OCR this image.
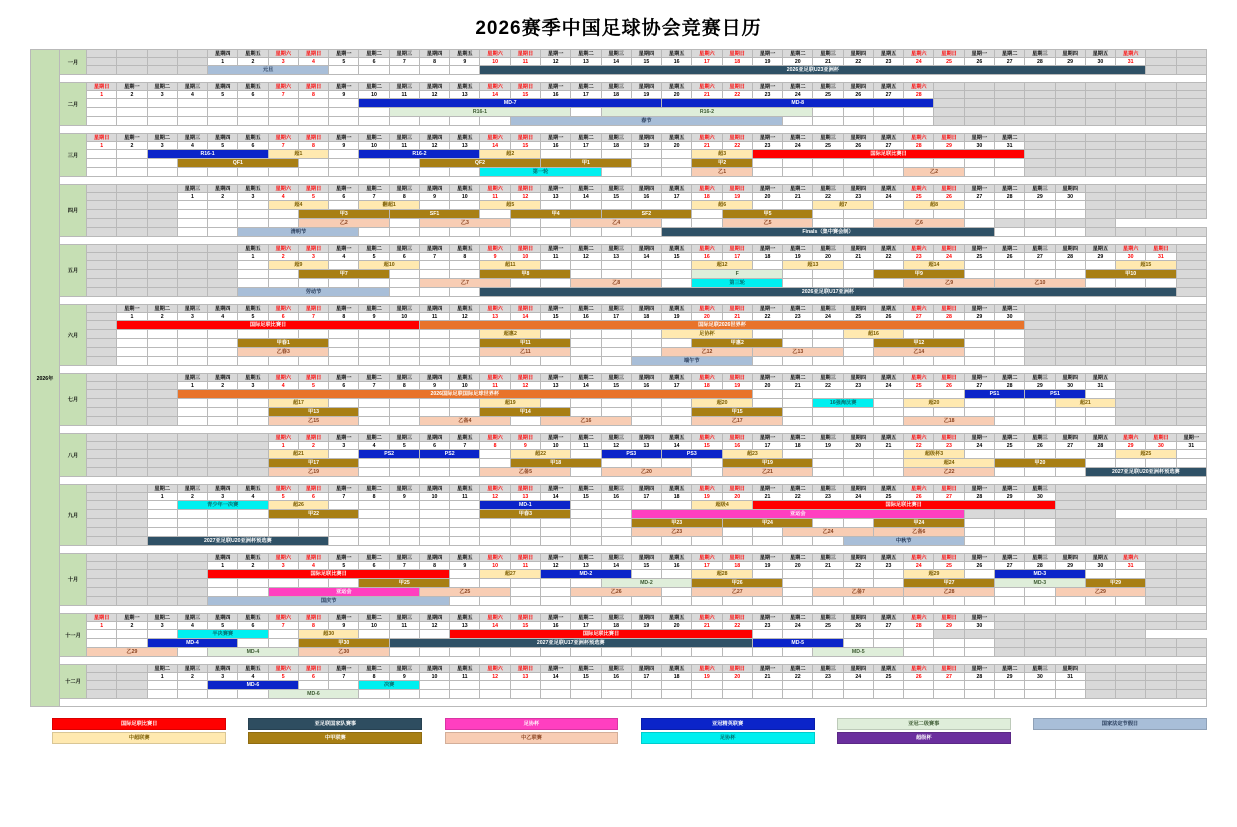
2026赛季中国足球协会竞赛日历
2026年	一月					星期四	星期五	星期六	星期日	星期一	星期二	星期三	星期四	星期五	星期六	星期日	星期一	星期二	星期三	星期四	星期五	星期六	星期日	星期一	星期二	星期三	星期四	星期五	星期六	星期日	星期一	星期二	星期三	星期四	星期五	星期六		
						1	2	3	4	5	6	7	8	9	10	11	12	13	14	15	16	17	18	19	20	21	22	23	24	25	26	27	28	29	30	31		
						元旦									2026亚足联U23亚洲杯																							

	二月	星期日	星期一	星期二	星期三	星期四	星期五	星期六	星期日	星期一	星期二	星期三	星期四	星期五	星期六	星期日	星期一	星期二	星期三	星期四	星期五	星期六	星期日	星期一	星期二	星期三	星期四	星期五	星期六									
		1	2	3	4	5	6	7	8	9	10	11	12	13	14	15	16	17	18	19	20	21	22	23	24	25	26	27	28									
											MD-7										MD-8																	
												R16-1							R16-2																			
																春节																						

	三月	星期日	星期一	星期二	星期三	星期四	星期五	星期六	星期日	星期一	星期二	星期三	星期四	星期五	星期六	星期日	星期一	星期二	星期三	星期四	星期五	星期六	星期日	星期一	星期二	星期三	星期四	星期五	星期六	星期日	星期一	星期二						
		1	2	3	4	5	6	7	8	9	10	11	12	13	14	15	16	17	18	19	20	21	22	23	24	25	26	27	28	29	30	31						
				R16-1				超1			R16-2				超2							超3		国际足联比赛日														
					QF1								QF2				甲1					甲2																
															第一轮							乙1							乙2									

	四月				星期三	星期四	星期五	星期六	星期日	星期一	星期二	星期三	星期四	星期五	星期六	星期日	星期一	星期二	星期三	星期四	星期五	星期六	星期日	星期一	星期二	星期三	星期四	星期五	星期六	星期日	星期一	星期二	星期三	星期四				
					1	2	3	4	5	6	7	8	9	10	11	12	13	14	15	16	17	18	19	20	21	22	23	24	25	26	27	28	29	30				
								超4			翻超1				超5							超6				超7			超8									
									甲3			SF1				甲4			SF2				甲5															
									乙2				乙3					乙4					乙5					乙6										
							清明节														Finals（集中赛会制）																	

	五月						星期五	星期六	星期日	星期一	星期二	星期三	星期四	星期五	星期六	星期日	星期一	星期二	星期三	星期四	星期五	星期六	星期日	星期一	星期二	星期三	星期四	星期五	星期六	星期日	星期一	星期二	星期三	星期四	星期五	星期六	星期日	
							1	2	3	4	5	6	7	8	9	10	11	12	13	14	15	16	17	18	19	20	21	22	23	24	25	26	27	28	29	30	31	
								超9			超10				超11							超12			超13				超14							超15		
									甲7						甲8							F						甲9							甲10			
													乙7					乙8				第三轮							乙9			乙10						
							劳动节								2026亚足联U17亚洲杯																							

	六月		星期一	星期二	星期三	星期四	星期五	星期六	星期日	星期一	星期二	星期三	星期四	星期五	星期六	星期日	星期一	星期二	星期三	星期四	星期五	星期六	星期日	星期一	星期二	星期三	星期四	星期五	星期六	星期日	星期一	星期二						
			1	2	3	4	5	6	7	8	9	10	11	12	13	14	15	16	17	18	19	20	21	22	23	24	25	26	27	28	29	30						
			国际足联比赛日										国际足联2026世界杯																									
															超惠2						足协杯						超16											
							甲春1								甲11							甲惠2						甲12										
							乙春3								乙11						乙12			乙13				乙14										
																				端午节																		

	七月				星期三	星期四	星期五	星期六	星期日	星期一	星期二	星期三	星期四	星期五	星期六	星期日	星期一	星期二	星期三	星期四	星期五	星期六	星期日	星期一	星期二	星期三	星期四	星期五	星期六	星期日	星期一	星期二	星期三	星期四	星期五			
					1	2	3	4	5	6	7	8	9	10	11	12	13	14	15	16	17	18	19	20	21	22	23	24	25	26	27	28	29	30	31			
					2026国际足联国际足球世界杯																										PS1		PS1					
								超17							超19							超20				16强淘汰赛			超20					超21				
								甲13							甲14							甲15																
								乙15					乙备4				乙16					乙17							乙18									

	八月							星期六	星期日	星期一	星期二	星期三	星期四	星期五	星期六	星期日	星期一	星期二	星期三	星期四	星期五	星期六	星期日	星期一	星期二	星期三	星期四	星期五	星期六	星期日	星期一	星期二	星期三	星期四	星期五	星期六	星期日	星期一
								1	2	3	4	5	6	7	8	9	10	11	12	13	14	15	16	17	18	19	20	21	22	23	24	25	26	27	28	29	30	31
								超21			PS2		PS2			超22			PS3		PS3		超23						超级杯3							超25		
								甲17								甲18							甲19						超24			甲20						
								乙19							乙备5				乙20				乙21						乙22						2027亚足联U20亚洲杯预选赛			

	九月			星期二	星期三	星期四	星期五	星期六	星期日	星期一	星期二	星期三	星期四	星期五	星期六	星期日	星期一	星期二	星期三	星期四	星期五	星期六	星期日	星期一	星期二	星期三	星期四	星期五	星期六	星期日	星期一	星期二	星期三					
				1	2	3	4	5	6	7	8	9	10	11	12	13	14	15	16	17	18	19	20	21	22	23	24	25	26	27	28	29	30					
					青少年一决赛			超26							MD-1							超级4		国际足联比赛日														
								甲22							甲春3					亚运会																		
																				甲23			甲24					甲24										
																				乙23					乙24			乙备6										
				2027亚足联U20亚洲杯预选赛																							中秋节											

	十月					星期四	星期五	星期六	星期日	星期一	星期二	星期三	星期四	星期五	星期六	星期日	星期一	星期二	星期三	星期四	星期五	星期六	星期日	星期一	星期二	星期三	星期四	星期五	星期六	星期日	星期一	星期二	星期三	星期四	星期五	星期六		
						1	2	3	4	5	6	7	8	9	10	11	12	13	14	15	16	17	18	19	20	21	22	23	24	25	26	27	28	29	30	31		
						国际足联比赛日									超27		MD-2					超28							超29			MD-3						
											甲25								MD-2			甲26							甲27			MD-3			甲29			
								亚运会					乙25					乙26				乙27				乙备7			乙28					乙29				
						国庆节																																

	十一月	星期日	星期一	星期二	星期三	星期四	星期五	星期六	星期日	星期一	星期二	星期三	星期四	星期五	星期六	星期日	星期一	星期二	星期三	星期四	星期五	星期六	星期日	星期一	星期二	星期三	星期四	星期五	星期六	星期日	星期一							
		1	2	3	4	5	6	7	8	9	10	11	12	13	14	15	16	17	18	19	20	21	22	23	24	25	26	27	28	29	30							
					半决赛赛				超30					国际足联比赛日																								
				MD-4					甲30			2027亚足联U17亚洲杯预选赛												MD-5														
		乙29				MD-4			乙30																	MD-5												

	十二月			星期二	星期三	星期四	星期五	星期六	星期日	星期一	星期二	星期三	星期四	星期五	星期六	星期日	星期一	星期二	星期三	星期四	星期五	星期六	星期日	星期一	星期二	星期三	星期四	星期五	星期六	星期日	星期一	星期二	星期三	星期四				
				1	2	3	4	5	6	7	8	9	10	11	12	13	14	15	16	17	18	19	20	21	22	23	24	25	26	27	28	29	30	31				
						MD-6					决赛																											
								MD-6																														

	国际足联比赛日		亚足联国家队赛事		足协杯		亚冠精英联赛		亚冠二级赛事		国家法定节假日

	中超联赛		中甲联赛		中乙联赛		足协杯		超级杯		
